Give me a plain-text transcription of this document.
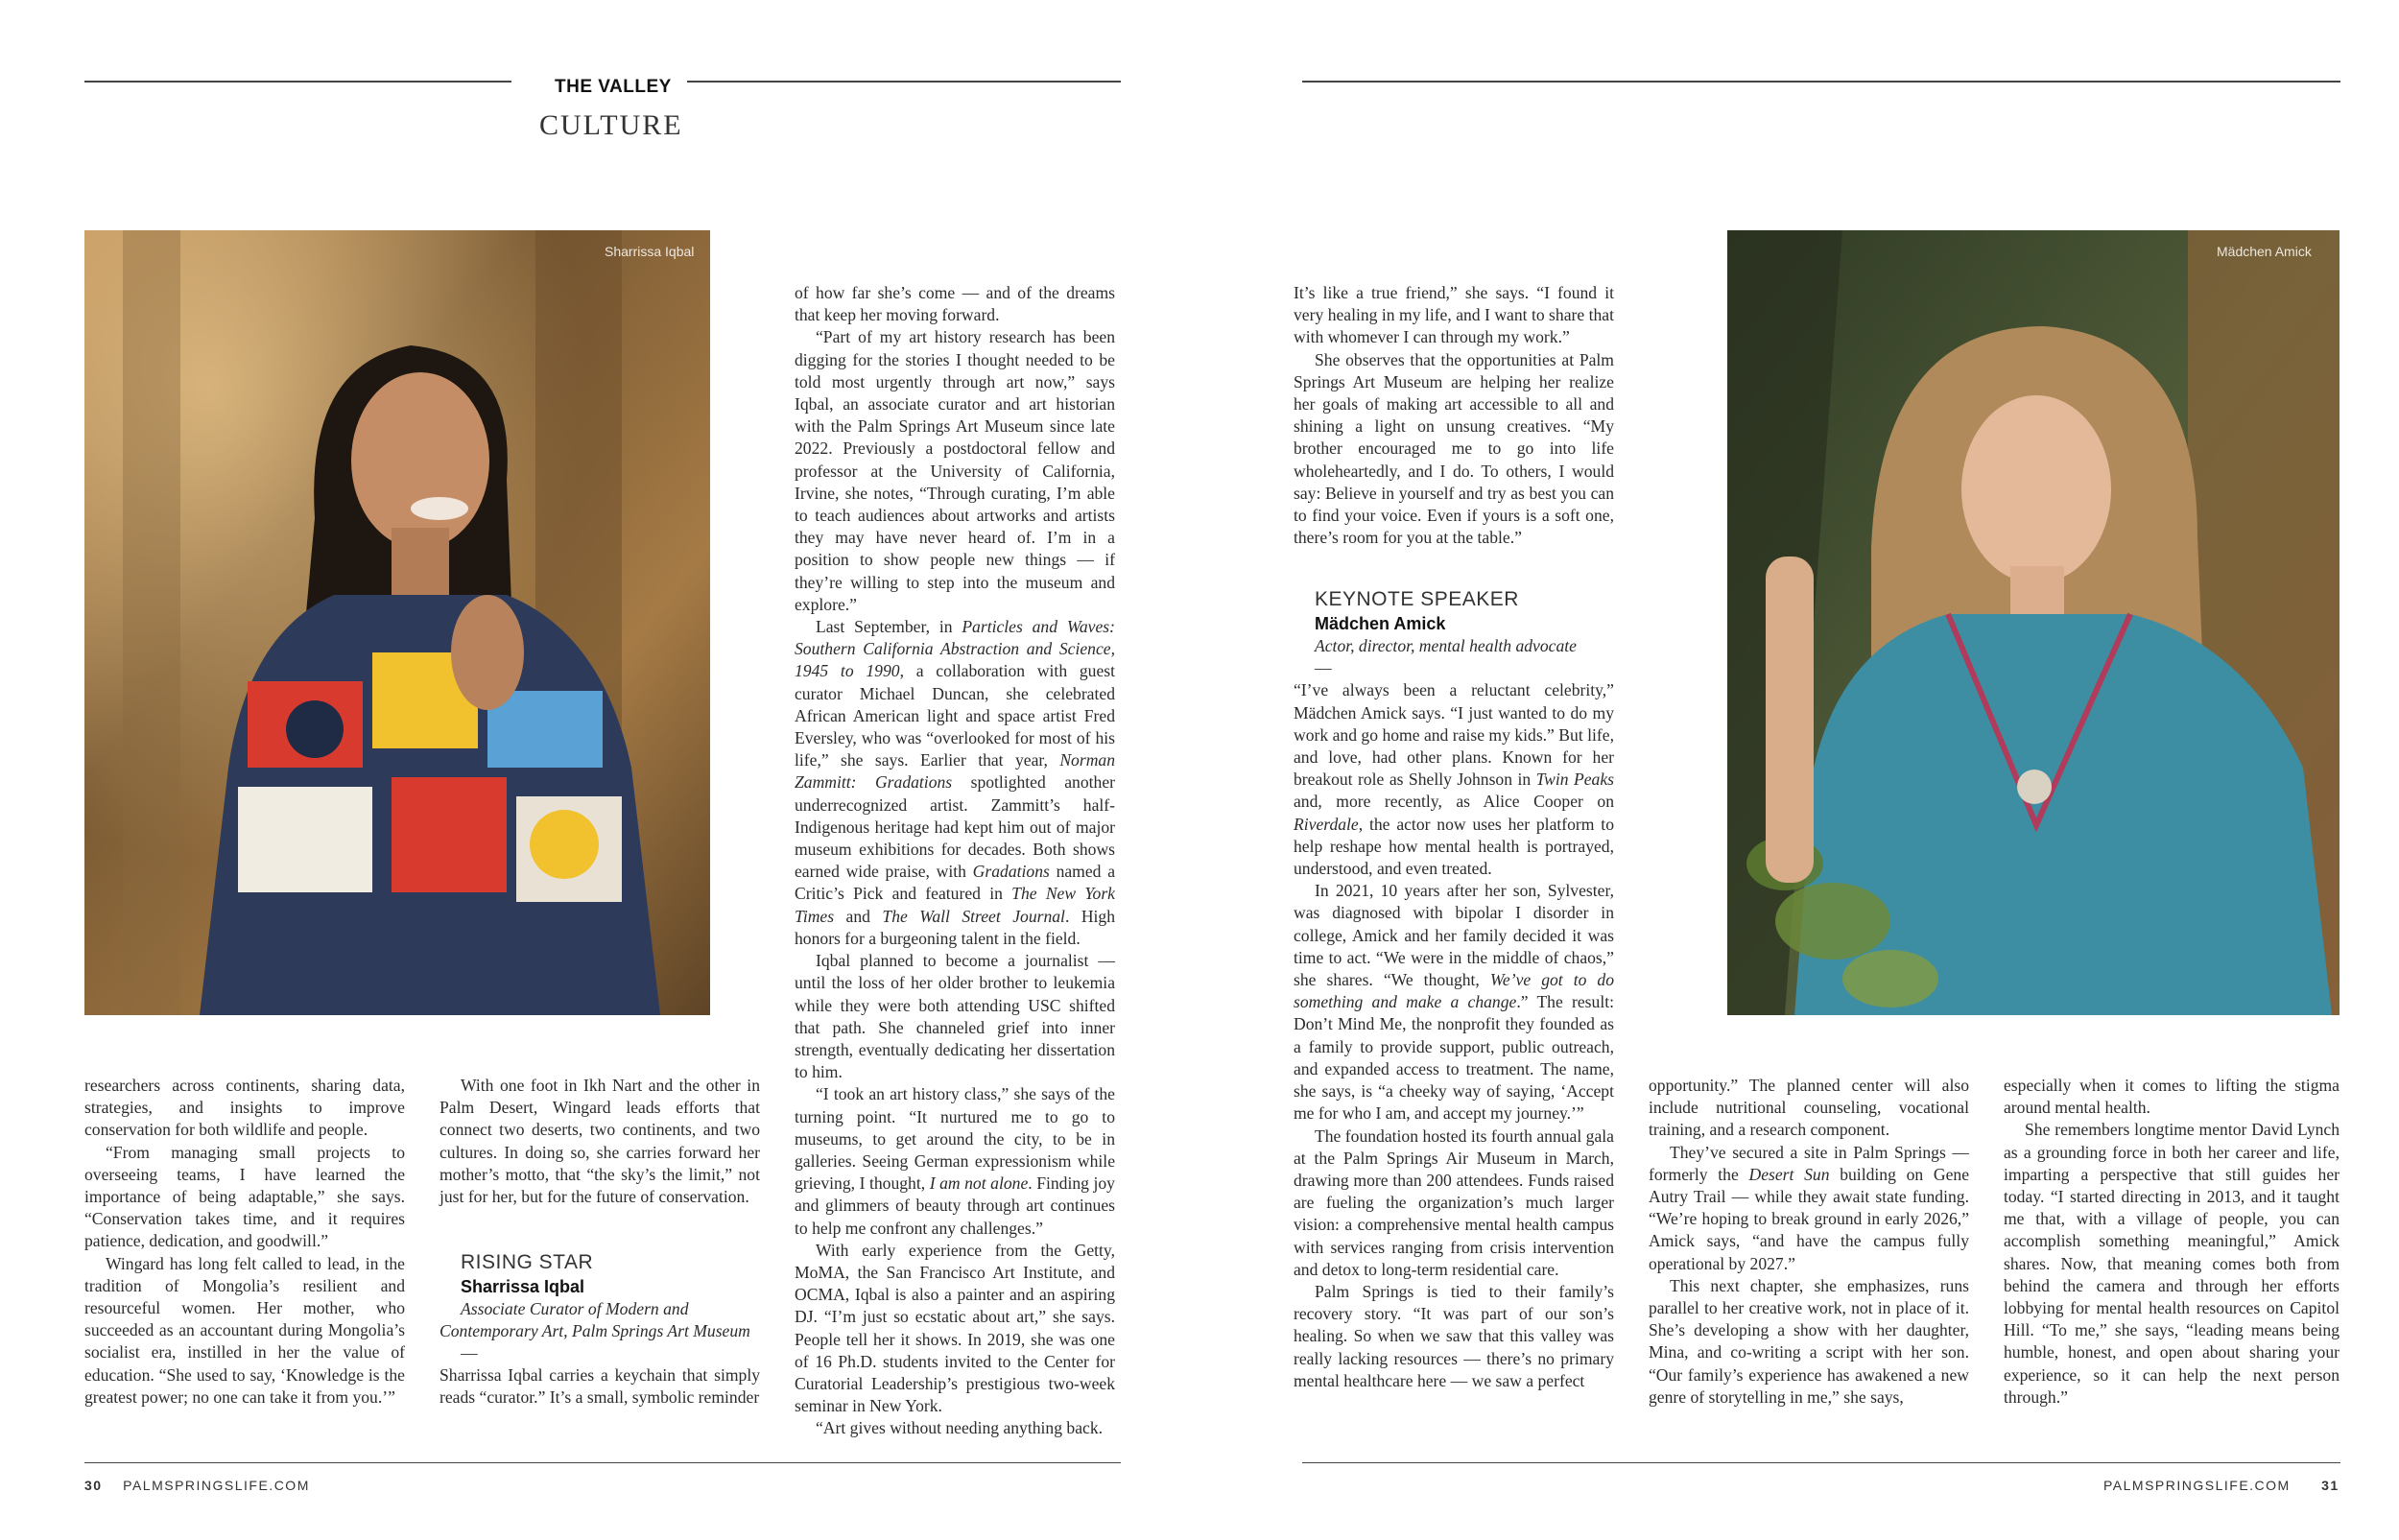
THE VALLEY
CULTURE
Sharrissa Iqbal	Mädchen Amick

of how far she’s come — and of the dreams that keep her moving forward.

“Part of my art history research has been digging for the stories I thought needed to be told most urgently through art now,” says Iqbal, an associate curator and art historian with the Palm Springs Art Museum since late 2022. Previously a postdoctoral fellow and professor at the University of California, Irvine, she notes, “Through curating, I’m able to teach audiences about artworks and artists they may have never heard of. I’m in a position to show people new things — if they’re willing to step into the museum and explore.”

Last September, in Particles and Waves: Southern California Abstraction and Science, 1945 to 1990, a collaboration with guest curator Michael Duncan, she celebrated African American light and space artist Fred Eversley, who was “overlooked for most of his life,” she says. Earlier that year, Norman Zammitt: Gradations spotlighted another underrecognized artist. Zammitt’s half-Indigenous heritage had kept him out of major museum exhibitions for decades. Both shows earned wide praise, with Gradations named a Critic’s Pick and featured in The New York Times and The Wall Street Journal. High honors for a burgeoning talent in the field.

Iqbal planned to become a journalist — until the loss of her older brother to leukemia while they were both attending USC shifted that path. She channeled grief into inner strength, eventually dedicating her dissertation to him.

“I took an art history class,” she says of the turning point. “It nurtured me to go to museums, to get around the city, to be in galleries. Seeing German expressionism while grieving, I thought, I am not alone. Finding joy and glimmers of beauty through art continues to help me confront any challenges.”

With early experience from the Getty, MoMA, the San Francisco Art Institute, and OCMA, Iqbal is also a painter and an aspiring DJ. “I’m just so ecstatic about art,” she says. People tell her it shows. In 2019, she was one of 16 Ph.D. students invited to the Center for Curatorial Leadership’s prestigious two-week seminar in New York.

“Art gives without needing anything back.

researchers across continents, sharing data, strategies, and insights to improve conservation for both wildlife and people.

“From managing small projects to overseeing teams, I have learned the importance of being adaptable,” she says. “Conservation takes time, and it requires patience, dedication, and goodwill.”

Wingard has long felt called to lead, in the tradition of Mongolia’s resilient and resourceful women. Her mother, who succeeded as an accountant during Mongolia’s socialist era, instilled in her the value of education. “She used to say, ‘Knowledge is the greatest power; no one can take it from you.’”

With one foot in Ikh Nart and the other in Palm Desert, Wingard leads efforts that connect two deserts, two continents, and two cultures. In doing so, she carries forward her mother’s motto, that “the sky’s the limit,” not just for her, but for the future of conservation.

RISING STAR

Sharrissa Iqbal

Associate Curator of Modern and Contemporary Art, Palm Springs Art Museum

—

Sharrissa Iqbal carries a keychain that simply reads “curator.” It’s a small, symbolic reminder

It’s like a true friend,” she says. “I found it very healing in my life, and I want to share that with whomever I can through my work.”

She observes that the opportunities at Palm Springs Art Museum are helping her realize her goals of making art accessible to all and shining a light on unsung creatives. “My brother encouraged me to go into life wholeheartedly, and I do. To others, I would say: Believe in yourself and try as best you can to find your voice. Even if yours is a soft one, there’s room for you at the table.”

KEYNOTE SPEAKER

Mädchen Amick

Actor, director, mental health advocate

—

“I’ve always been a reluctant celebrity,” Mädchen Amick says. “I just wanted to do my work and go home and raise my kids.” But life, and love, had other plans. Known for her breakout role as Shelly Johnson in Twin Peaks and, more recently, as Alice Cooper on Riverdale, the actor now uses her platform to help reshape how mental health is portrayed, understood, and even treated.

In 2021, 10 years after her son, Sylvester, was diagnosed with bipolar I disorder in college, Amick and her family decided it was time to act. “We were in the middle of chaos,” she shares. “We thought, We’ve got to do something and make a change.” The result: Don’t Mind Me, the nonprofit they founded as a family to provide support, public outreach, and expanded access to treatment. The name, she says, is “a cheeky way of saying, ‘Accept me for who I am, and accept my journey.’”

The foundation hosted its fourth annual gala at the Palm Springs Air Museum in March, drawing more than 200 attendees. Funds raised are fueling the organization’s much larger vision: a comprehensive mental health campus with services ranging from crisis intervention and detox to long-term residential care.

Palm Springs is tied to their family’s recovery story. “It was part of our son’s healing. So when we saw that this valley was really lacking resources — there’s no primary mental healthcare here — we saw a perfect

opportunity.” The planned center will also include nutritional counseling, vocational training, and a research component.

They’ve secured a site in Palm Springs — formerly the Desert Sun building on Gene Autry Trail — while they await state funding. “We’re hoping to break ground in early 2026,” Amick says, “and have the campus fully operational by 2027.”

This next chapter, she emphasizes, runs parallel to her creative work, not in place of it. She’s developing a show with her daughter, Mina, and co-writing a script with her son. “Our family’s experience has awakened a new genre of storytelling in me,” she says,

especially when it comes to lifting the stigma around mental health.

She remembers longtime mentor David Lynch as a grounding force in both her career and life, imparting a perspective that still guides her today. “I started directing in 2013, and it taught me that, with a village of people, you can accomplish something meaningful,” Amick shares. Now, that meaning comes both from behind the camera and through her efforts lobbying for mental health resources on Capitol Hill. “To me,” she says, “leading means being humble, honest, and open about sharing your experience, so it can help the next person through.”

30 PALMSPRINGSLIFE.COM	PALMSPRINGSLIFE.COM 31
